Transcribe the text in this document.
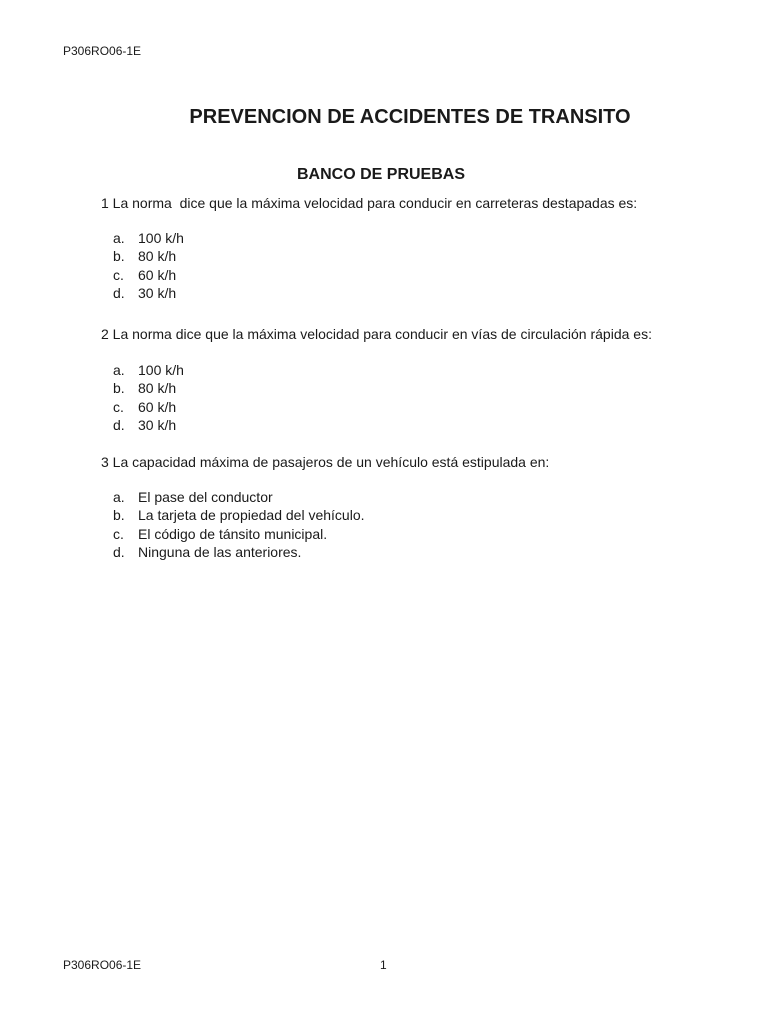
P306RO06-1E
PREVENCION DE ACCIDENTES DE TRANSITO
BANCO DE PRUEBAS
1 La norma  dice que la máxima velocidad para conducir en carreteras destapadas es:
a. 100 k/h
b. 80 k/h
c. 60 k/h
d. 30 k/h
2 La norma dice que la máxima velocidad para conducir en vías de circulación rápida es:
a. 100 k/h
b. 80 k/h
c. 60 k/h
d. 30 k/h
3 La capacidad máxima de pasajeros de un vehículo está estipulada en:
a. El pase del conductor
b. La tarjeta de propiedad del vehículo.
c. El código de tánsito municipal.
d. Ninguna de las anteriores.
P306RO06-1E	1
